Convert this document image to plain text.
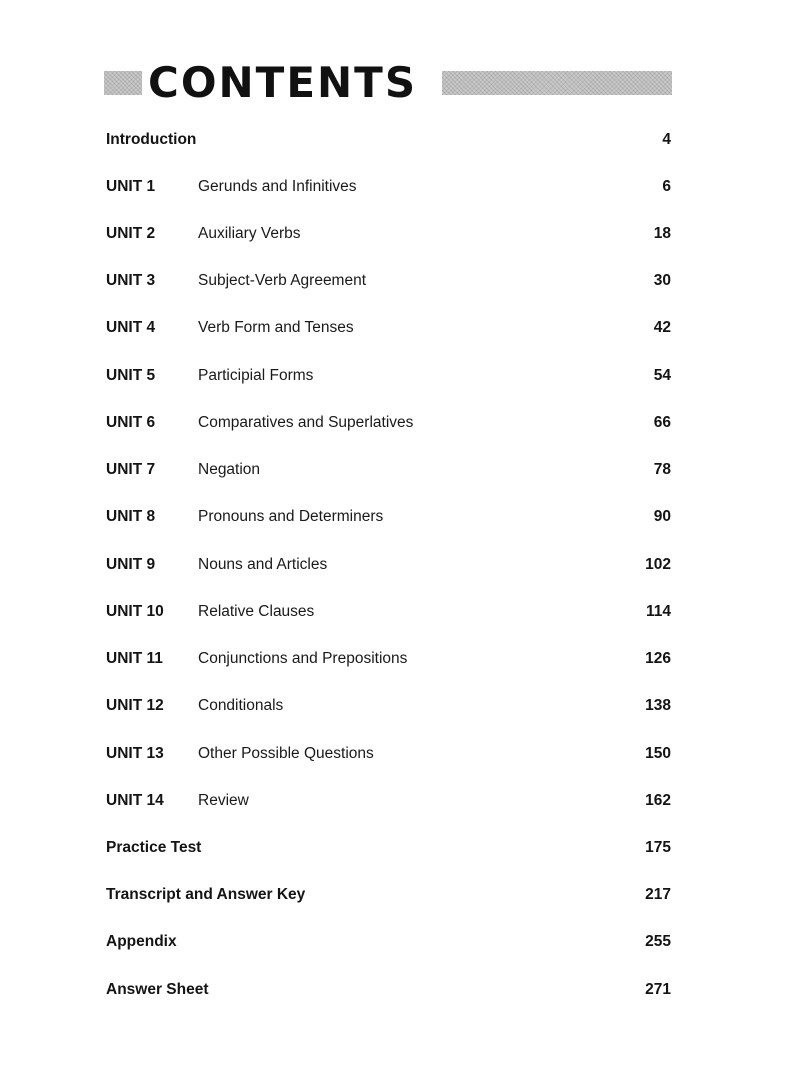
CONTENTS
Introduction	4
UNIT 1	Gerunds and Infinitives	6
UNIT 2	Auxiliary Verbs	18
UNIT 3	Subject-Verb Agreement	30
UNIT 4	Verb Form and Tenses	42
UNIT 5	Participial Forms	54
UNIT 6	Comparatives and Superlatives	66
UNIT 7	Negation	78
UNIT 8	Pronouns and Determiners	90
UNIT 9	Nouns and Articles	102
UNIT 10 Relative Clauses	114
UNIT 11 Conjunctions and Prepositions	126
UNIT 12 Conditionals	138
UNIT 13 Other Possible Questions	150
UNIT 14 Review	162
Practice Test	175
Transcript and Answer Key	217
Appendix	255
Answer Sheet	271
